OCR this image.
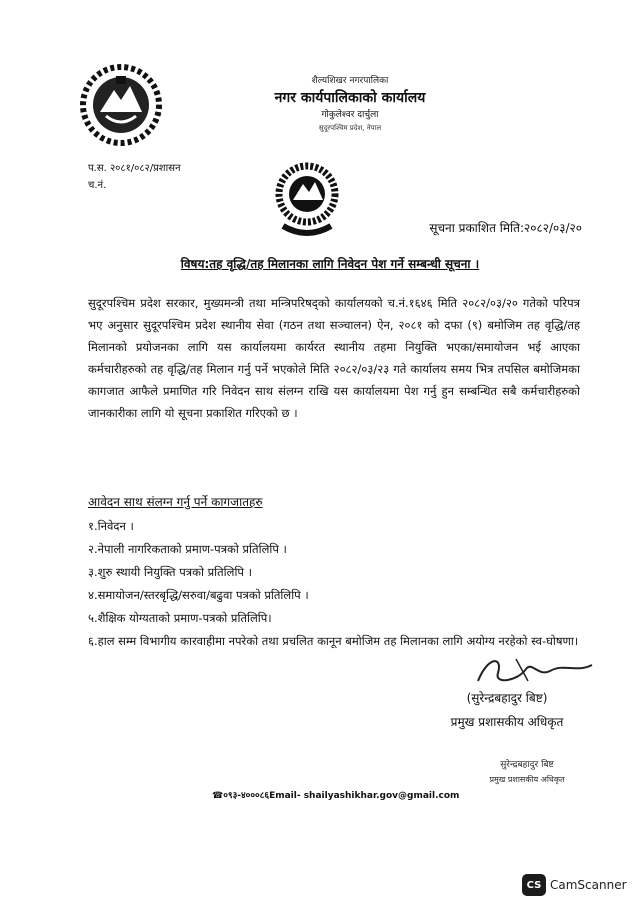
शैल्यशिखर नगरपालिका
नगर कार्यपालिकाको कार्यालय
गोकुलेश्वर दार्चुला
सुदूरपश्चिम प्रदेश, नेपाल
प.स. २०८१/०८२/प्रशासन
च.नं.
सूचना प्रकाशित मिति:२०८२/०३/२०
विषय:तह वृद्धि/तह मिलानका लागि निवेदन पेश गर्ने सम्बन्धी सूचना ।
सुदूरपश्चिम प्रदेश सरकार, मुख्यमन्त्री तथा मन्त्रिपरिषद्को कार्यालयको च.नं.१६४६ मिति २०८२/०३/२० गतेको परिपत्र भए अनुसार सुदूरपश्चिम प्रदेश स्थानीय सेवा (गठन तथा सञ्चालन) ऐन, २०८१ को दफा (९) बमोजिम तह वृद्धि/तह मिलानको प्रयोजनका लागि यस कार्यालयमा कार्यरत स्थानीय तहमा नियुक्ति भएका/समायोजन भई आएका कर्मचारीहरुको तह वृद्धि/तह मिलान गर्नु पर्ने भएकोले मिति २०८२/०३/२३ गते कार्यालय समय भित्र तपसिल बमोजिमका कागजात आफैले प्रमाणित गरि निवेदन साथ संलग्न राखि यस कार्यालयमा पेश गर्नु हुन सम्बन्धित सबै कर्मचारीहरुको जानकारीका लागि यो सूचना प्रकाशित गरिएको छ ।
आवेदन साथ संलग्न गर्नु पर्ने कागजातहरु
१.निवेदन ।
२.नेपाली नागरिकताको प्रमाण-पत्रको प्रतिलिपि ।
३.शुरु स्थायी नियुक्ति पत्रको प्रतिलिपि ।
४.समायोजन/स्तरबृद्धि/सरुवा/बढुवा पत्रको प्रतिलिपि ।
५.शैक्षिक योग्यताको प्रमाण-पत्रको प्रतिलिपि।
६.हाल सम्म विभागीय कारवाहीमा नपरेको तथा प्रचलित कानून बमोजिम तह मिलानका लागि अयोग्य नरहेको स्व-घोषणा।
(सुरेन्द्रबहादुर बिष्ट)
प्रमुख प्रशासकीय अधिकृत
सुरेन्द्रबहादुर बिष्ट
प्रमुख प्रशासकीय अधिकृत
☎०९३-४०००८६Email- shailyashikhar.gov@gmail.com
CS CamScanner
